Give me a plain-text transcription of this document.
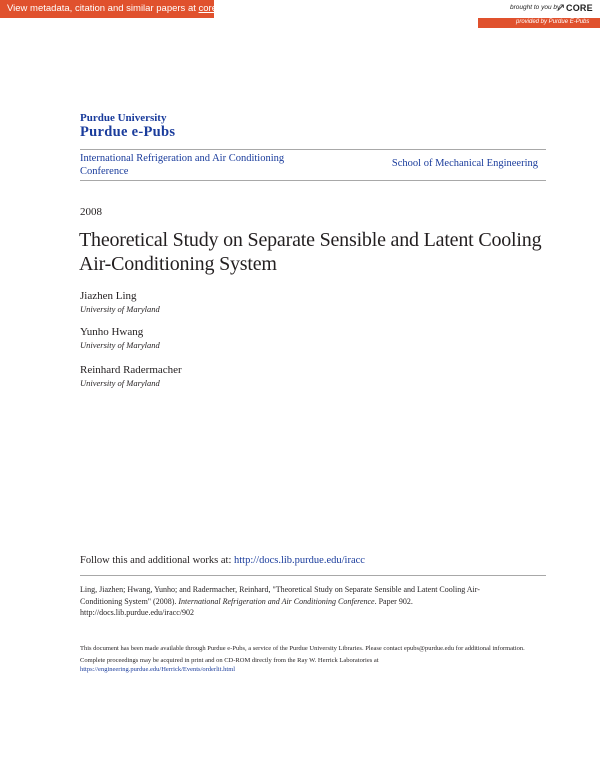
View metadata, citation and similar papers at core.ac.uk	brought to you by
↗ CORE
provided by Purdue E-Pubs
Purdue University
Purdue e-Pubs
International Refrigeration and Air Conditioning Conference
School of Mechanical Engineering
2008
Theoretical Study on Separate Sensible and Latent Cooling Air-Conditioning System
Jiazhen Ling
University of Maryland
Yunho Hwang
University of Maryland
Reinhard Radermacher
University of Maryland
Follow this and additional works at: http://docs.lib.purdue.edu/iracc
Ling, Jiazhen; Hwang, Yunho; and Radermacher, Reinhard, "Theoretical Study on Separate Sensible and Latent Cooling Air-Conditioning System" (2008). International Refrigeration and Air Conditioning Conference. Paper 902.
http://docs.lib.purdue.edu/iracc/902

This document has been made available through Purdue e-Pubs, a service of the Purdue University Libraries. Please contact epubs@purdue.edu for additional information.

Complete proceedings may be acquired in print and on CD-ROM directly from the Ray W. Herrick Laboratories at https://engineering.purdue.edu/Herrick/Events/orderlit.html
